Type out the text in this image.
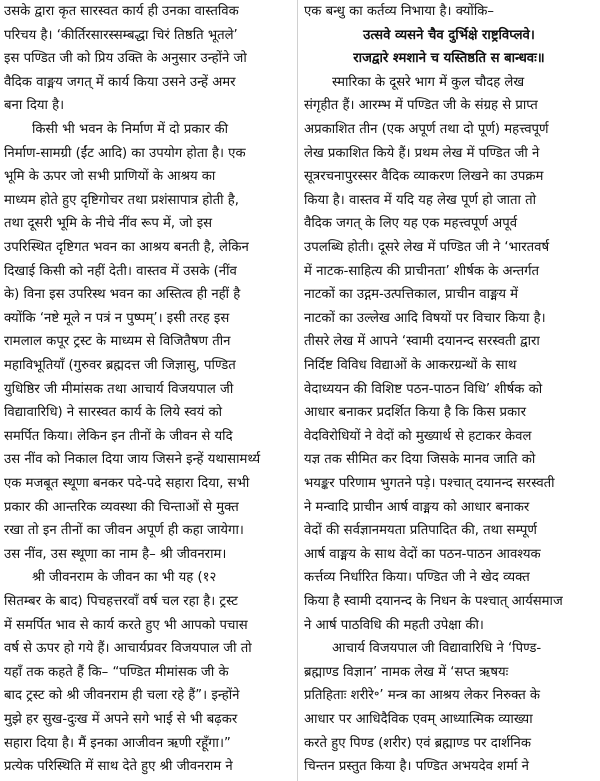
उसके द्वारा कृत सारस्वत कार्य ही उनका वास्तविक
परिचय है। ‘कीर्तिरसारस्सम्बद्धा चिरं तिष्ठति भूतले’
इस पण्डित जी को प्रिय उक्ति के अनुसार उन्होंने जो
वैदिक वाङ्मय जगत् में कार्य किया उसने उन्हें अमर
बना दिया है।
किसी भी भवन के निर्माण में दो प्रकार की
निर्माण-सामग्री (ईंट आदि) का उपयोग होता है। एक
भूमि के ऊपर जो सभी प्राणियों के आश्रय का
माध्यम होते हुए दृष्टिगोचर तथा प्रशंसापात्र होती है,
तथा दूसरी भूमि के नीचे नींव रूप में, जो इस
उपरिस्थित दृष्टिगत भवन का आश्रय बनती है, लेकिन
दिखाई किसी को नहीं देती। वास्तव में उसके (नींव
के) विना इस उपरिस्थ भवन का अस्तित्व ही नहीं है
क्योंकि ‘नष्टे मूले न पत्रं न पुष्पम्’। इसी तरह इस
रामलाल कपूर ट्रस्ट के माध्यम से विजितैषण तीन
महाविभूतियाँ (गुरुवर ब्रह्मदत्त जी जिज्ञासु, पण्डित
युधिष्ठिर जी मीमांसक तथा आचार्य विजयपाल जी
विद्यावारिधि) ने सारस्वत कार्य के लिये स्वयं को
समर्पित किया। लेकिन इन तीनों के जीवन से यदि
उस नींव को निकाल दिया जाय जिसने इन्हें यथासामर्थ्य
एक मजबूत स्थूणा बनकर पदे-पदे सहारा दिया, सभी
प्रकार की आन्तरिक व्यवस्था की चिन्ताओं से मुक्त
रखा तो इन तीनों का जीवन अपूर्ण ही कहा जायेगा।
उस नींव, उस स्थूणा का नाम है– श्री जीवनराम।
श्री जीवनराम के जीवन का भी यह (१२
सितम्बर के बाद) पिचहत्तरवाँ वर्ष चल रहा है। ट्रस्ट
में समर्पित भाव से कार्य करते हुए भी आपको पचास
वर्ष से ऊपर हो गये हैं। आचार्यप्रवर विजयपाल जी तो
यहाँ तक कहते हैं कि– “पण्डित मीमांसक जी के
बाद ट्रस्ट को श्री जीवनराम ही चला रहे हैं”। इन्होंने
मुझे हर सुख-दुःख में अपने सगे भाई से भी बढ़कर
सहारा दिया है। मैं इनका आजीवन ऋणी रहूँगा।”
प्रत्येक परिस्थिति में साथ देते हुए श्री जीवनराम ने
एक बन्धु का कर्तव्य निभाया है। क्योंकि–
उत्सवे व्यसने चैव दुर्भिक्षे राष्ट्रविप्लवे।
राजद्वारे श्मशाने च यस्तिष्ठति स बान्धवः॥
स्मारिका के दूसरे भाग में कुल चौदह लेख
संगृहीत हैं। आरम्भ में पण्डित जी के संग्रह से प्राप्त
अप्रकाशित तीन (एक अपूर्ण तथा दो पूर्ण) महत्त्वपूर्ण
लेख प्रकाशित किये हैं। प्रथम लेख में पण्डित जी ने
सूत्ररचनापुरस्सर वैदिक व्याकरण लिखने का उपक्रम
किया है। वास्तव में यदि यह लेख पूर्ण हो जाता तो
वैदिक जगत् के लिए यह एक महत्त्वपूर्ण अपूर्व
उपलब्धि होती। दूसरे लेख में पण्डित जी ने ‘भारतवर्ष
में नाटक-साहित्य की प्राचीनता’ शीर्षक के अन्तर्गत
नाटकों का उद्गम-उत्पत्तिकाल, प्राचीन वाङ्मय में
नाटकों का उल्लेख आदि विषयों पर विचार किया है।
तीसरे लेख में आपने ‘स्वामी दयानन्द सरस्वती द्वारा
निर्दिष्ट विविध विद्याओं के आकरग्रन्थों के साथ
वेदाध्ययन की विशिष्ट पठन-पाठन विधि’ शीर्षक को
आधार बनाकर प्रदर्शित किया है कि किस प्रकार
वेदविरोधियों ने वेदों को मुख्यार्थ से हटाकर केवल
यज्ञ तक सीमित कर दिया जिसके मानव जाति को
भयङ्कर परिणाम भुगतने पड़े। पश्चात् दयानन्द सरस्वती
ने मन्वादि प्राचीन आर्ष वाङ्मय को आधार बनाकर
वेदों की सर्वज्ञानमयता प्रतिपादित की, तथा सम्पूर्ण
आर्ष वाङ्मय के साथ वेदों का पठन-पाठन आवश्यक
कर्त्तव्य निर्धारित किया। पण्डित जी ने खेद व्यक्त
किया है स्वामी दयानन्द के निधन के पश्चात् आर्यसमाज
ने आर्ष पाठविधि की महती उपेक्षा की।
आचार्य विजयपाल जी विद्यावारिधि ने ‘पिण्ड-
ब्रह्माण्ड विज्ञान’ नामक लेख में ‘सप्त ऋषयः
प्रतिहिताः शरीरे॰’ मन्त्र का आश्रय लेकर निरुक्त के
आधार पर आधिदैविक एवम् आध्यात्मिक व्याख्या
करते हुए पिण्ड (शरीर) एवं ब्रह्माण्ड पर दार्शनिक
चिन्तन प्रस्तुत किया है। पण्डित अभयदेव शर्मा ने
